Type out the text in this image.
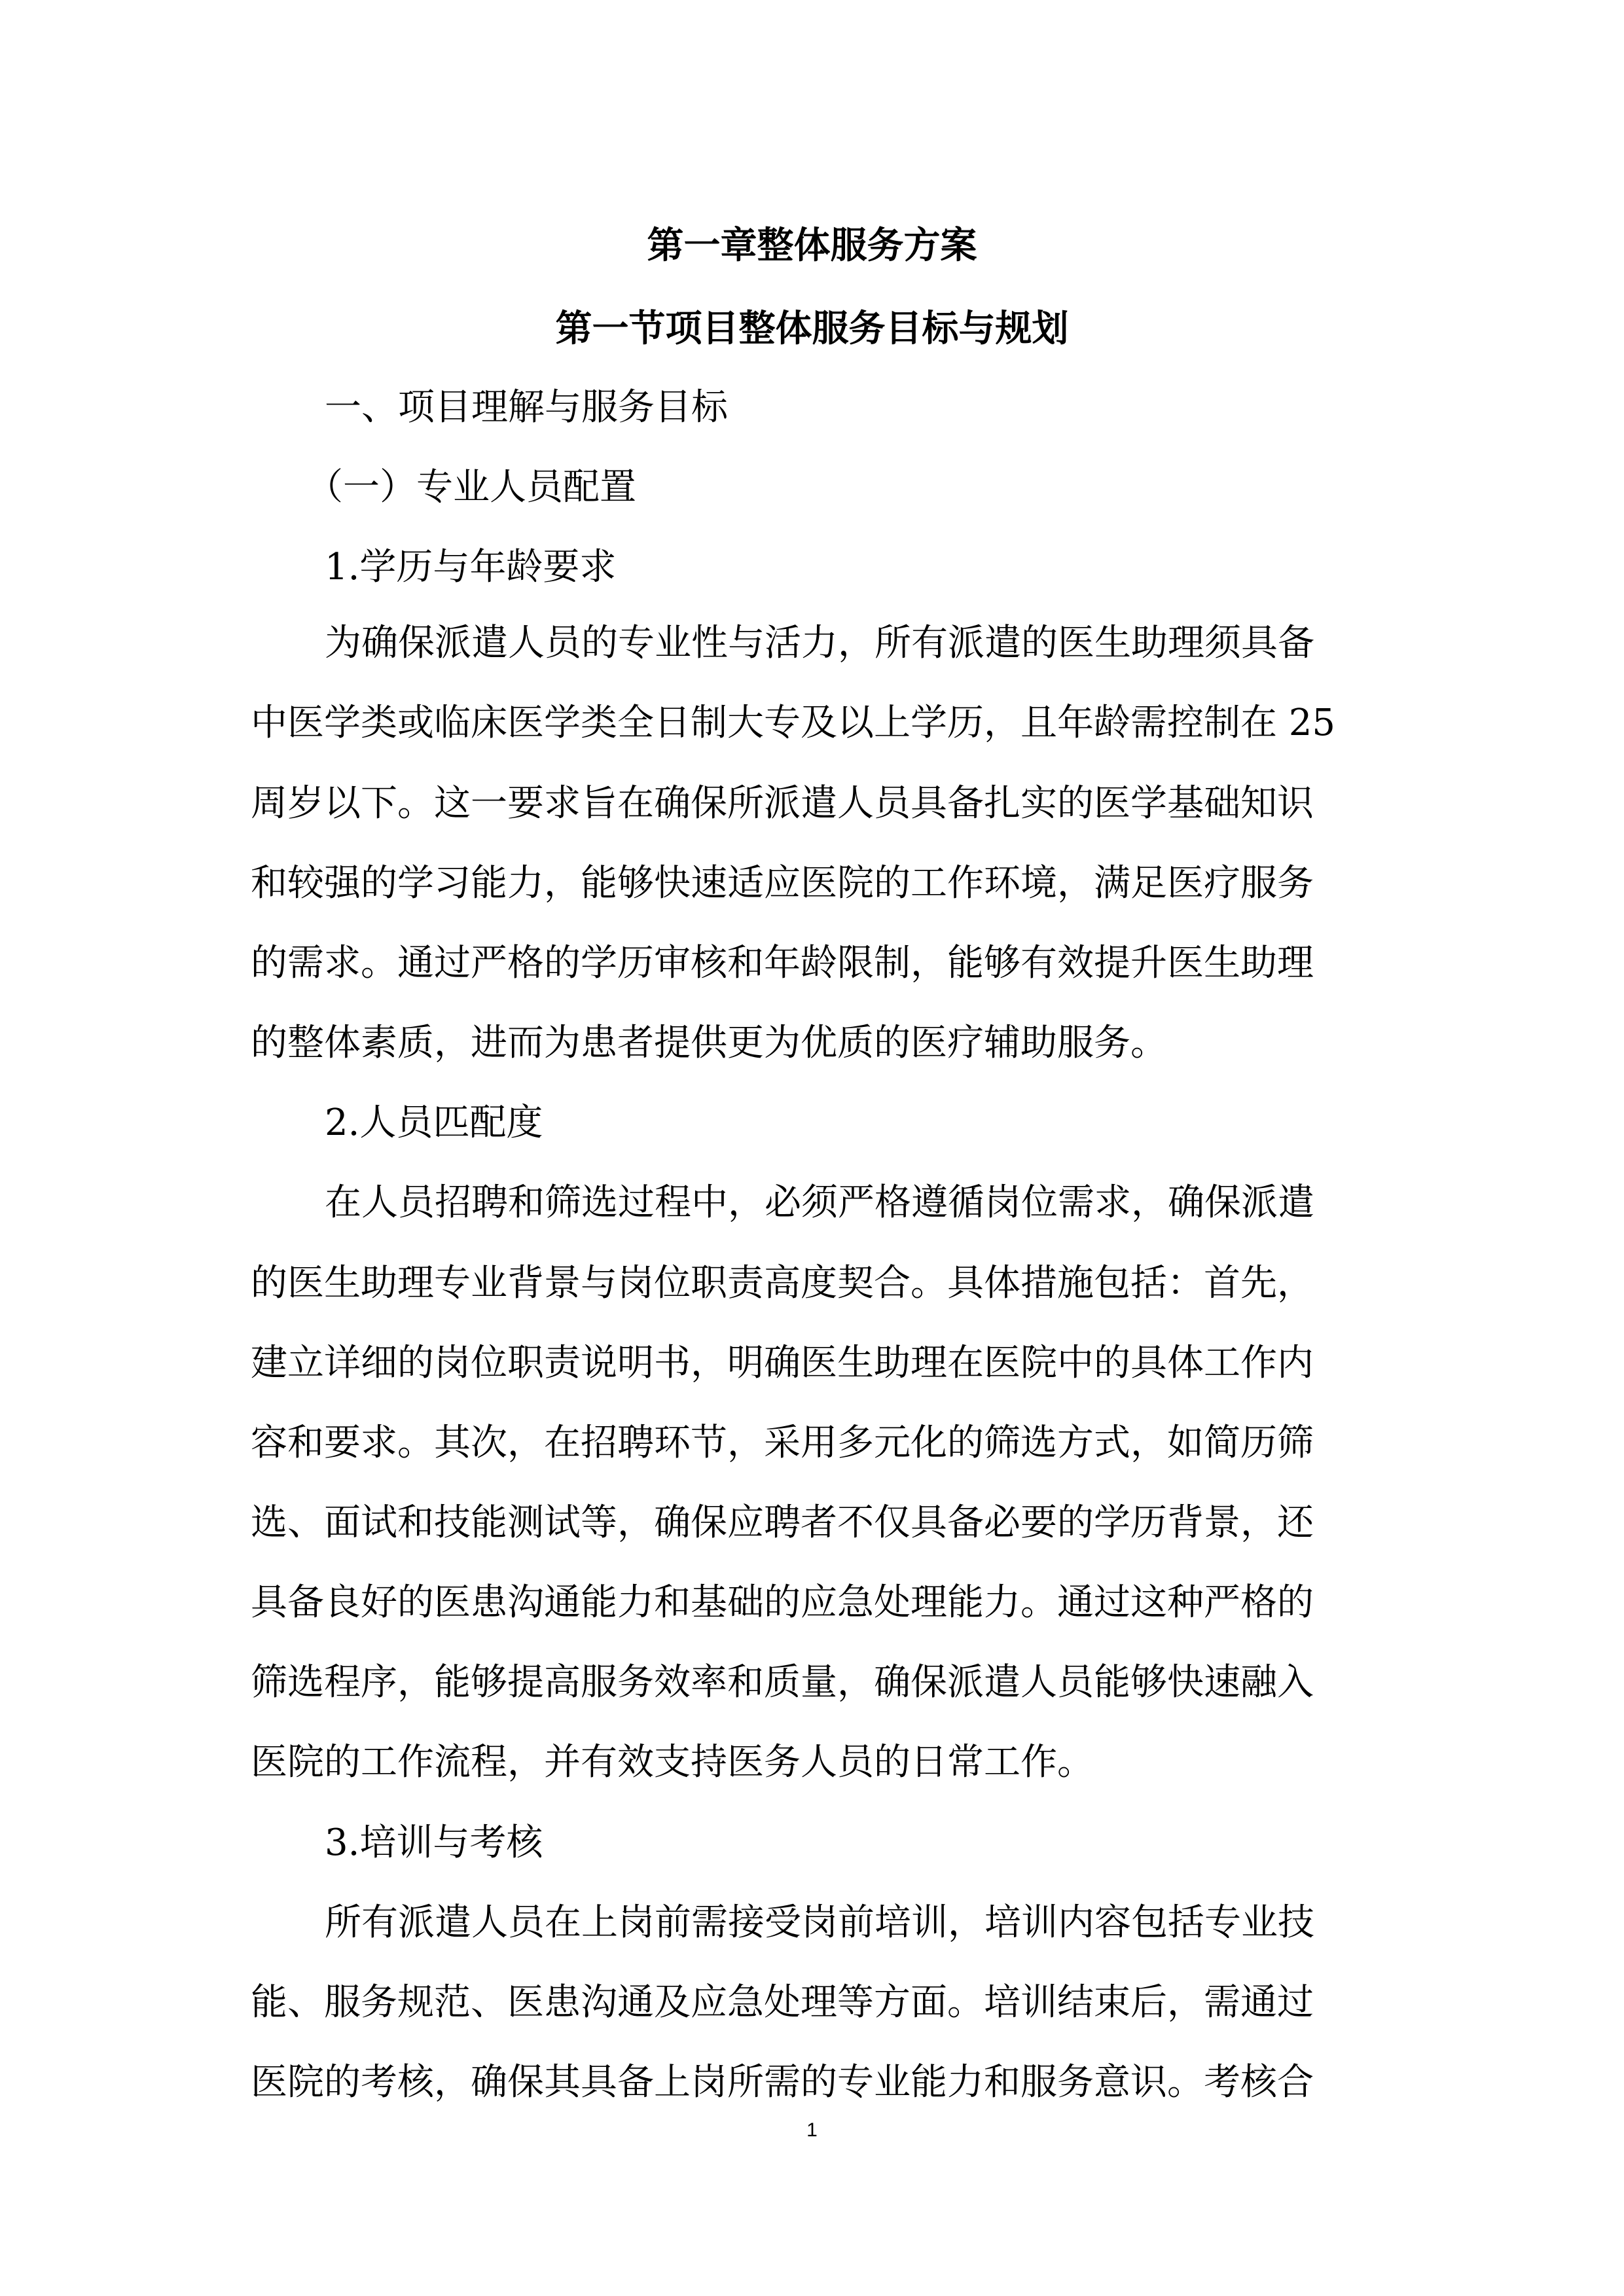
第一章整体服务方案
第一节项目整体服务目标与规划
一、项目理解与服务目标
（一）专业人员配置
1.学历与年龄要求
为确保派遣人员的专业性与活力，所有派遣的医生助理须具备
中医学类或临床医学类全日制大专及以上学历，且年龄需控制在 25
周岁以下。这一要求旨在确保所派遣人员具备扎实的医学基础知识
和较强的学习能力，能够快速适应医院的工作环境，满足医疗服务
的需求。通过严格的学历审核和年龄限制，能够有效提升医生助理
的整体素质，进而为患者提供更为优质的医疗辅助服务。
2.人员匹配度
在人员招聘和筛选过程中，必须严格遵循岗位需求，确保派遣
的医生助理专业背景与岗位职责高度契合。具体措施包括：首先，
建立详细的岗位职责说明书，明确医生助理在医院中的具体工作内
容和要求。其次，在招聘环节，采用多元化的筛选方式，如简历筛
选、面试和技能测试等，确保应聘者不仅具备必要的学历背景，还
具备良好的医患沟通能力和基础的应急处理能力。通过这种严格的
筛选程序，能够提高服务效率和质量，确保派遣人员能够快速融入
医院的工作流程，并有效支持医务人员的日常工作。
3.培训与考核
所有派遣人员在上岗前需接受岗前培训，培训内容包括专业技
能、服务规范、医患沟通及应急处理等方面。培训结束后，需通过
医院的考核，确保其具备上岗所需的专业能力和服务意识。考核合
1
